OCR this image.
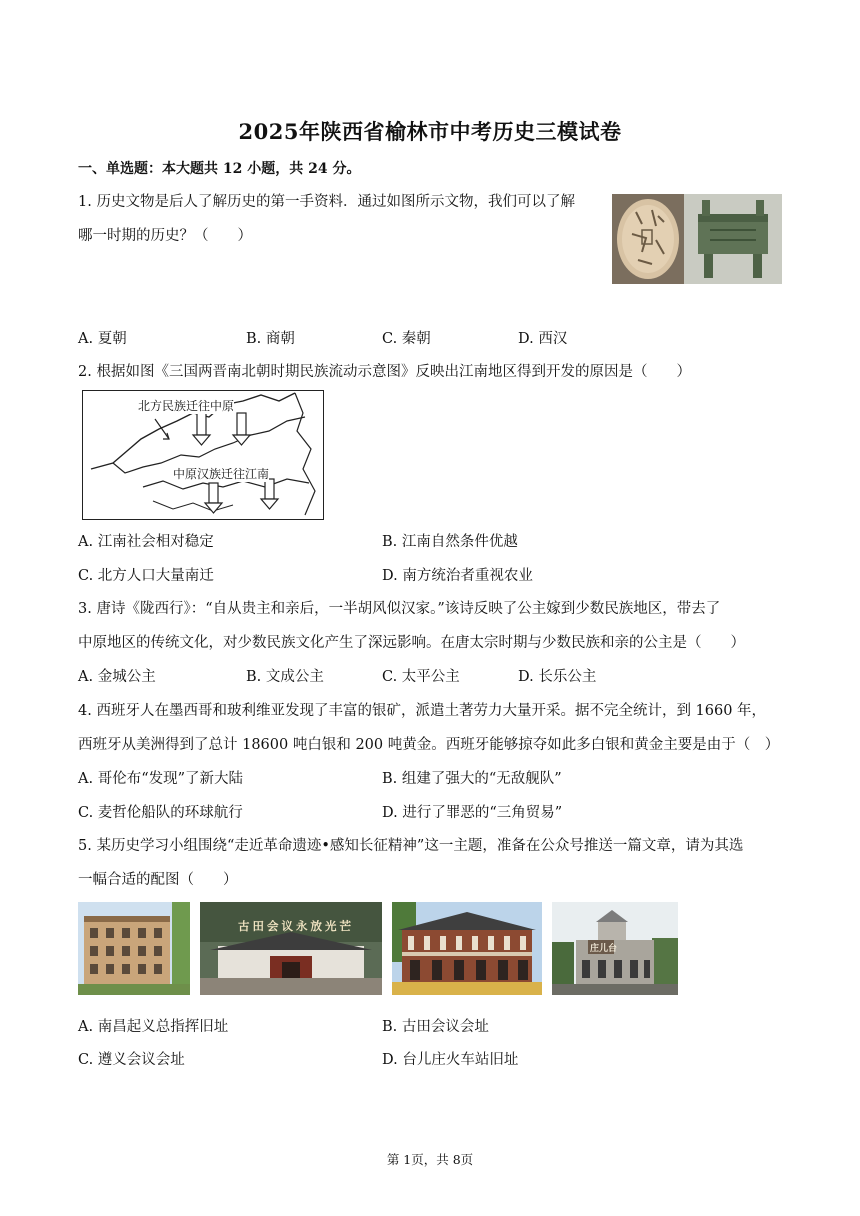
2025年陕西省榆林市中考历史三模试卷
一、单选题：本大题共 12 小题，共 24 分。
1. 历史文物是后人了解历史的第一手资料．通过如图所示文物，我们可以了解
哪一时期的历史？（　　）
A. 夏朝	B. 商朝	C. 秦朝	D. 西汉
2. 根据如图《三国两晋南北朝时期民族流动示意图》反映出江南地区得到开发的原因是（　　）
北方民族迁往中原
中原汉族迁往江南
A. 江南社会相对稳定	B. 江南自然条件优越
C. 北方人口大量南迁	D. 南方统治者重视农业
3. 唐诗《陇西行》：“自从贵主和亲后，一半胡风似汉家。”该诗反映了公主嫁到少数民族地区，带去了
中原地区的传统文化，对少数民族文化产生了深远影响。在唐太宗时期与少数民族和亲的公主是（　　）
A. 金城公主	B. 文成公主	C. 太平公主	D. 长乐公主
4. 西班牙人在墨西哥和玻利维亚发现了丰富的银矿，派遣土著劳力大量开采。据不完全统计，到 1660 年，
西班牙从美洲得到了总计 18600 吨白银和 200 吨黄金。西班牙能够掠夺如此多白银和黄金主要是由于（　）
A. 哥伦布“发现”了新大陆	B. 组建了强大的“无敌舰队”
C. 麦哲伦船队的环球航行	D. 进行了罪恶的“三角贸易”
5. 某历史学习小组围绕“走近革命遗迹•感知长征精神”这一主题，准备在公众号推送一篇文章，请为其选
一幅合适的配图（　　）
古田会议永放光芒
庄儿台
A. 南昌起义总指挥旧址	B. 古田会议会址
C. 遵义会议会址	D. 台儿庄火车站旧址
第 1页，共 8页
